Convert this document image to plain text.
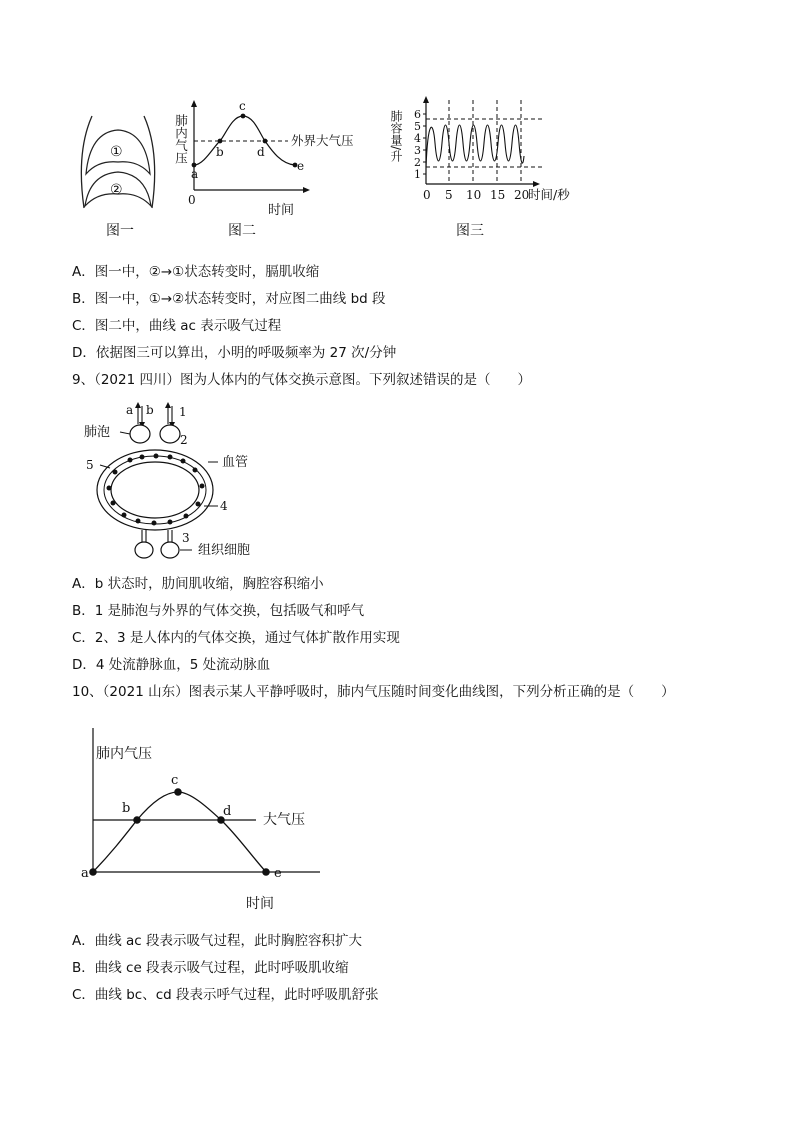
①
②
图一
a
b
c
d
e
0
时间
外界大气压
肺内气压
图二
1
2
3
4
5
6
0 5 10 15 20
时间/秒
肺容量/升
图三
A．图一中，②→①状态转变时，膈肌收缩
B．图一中，①→②状态转变时，对应图二曲线 bd 段
C．图二中，曲线 ac 表示吸气过程
D．依据图三可以算出，小明的呼吸频率为 27 次/分钟
9、（2021 四川）图为人体内的气体交换示意图。下列叙述错误的是（　　）
a b 1
肺泡	2
5	血管
4
3
组织细胞
A．b 状态时，肋间肌收缩，胸腔容积缩小
B．1 是肺泡与外界的气体交换，包括吸气和呼气
C．2、3 是人体内的气体交换，通过气体扩散作用实现
D．4 处流静脉血，5 处流动脉血
10、（2021 山东）图表示某人平静呼吸时，肺内气压随时间变化曲线图，下列分析正确的是（　　）
肺内气压
a
b
c
d
e
大气压
时间
A．曲线 ac 段表示吸气过程，此时胸腔容积扩大
B．曲线 ce 段表示吸气过程，此时呼吸肌收缩
C．曲线 bc、cd 段表示呼气过程，此时呼吸肌舒张
